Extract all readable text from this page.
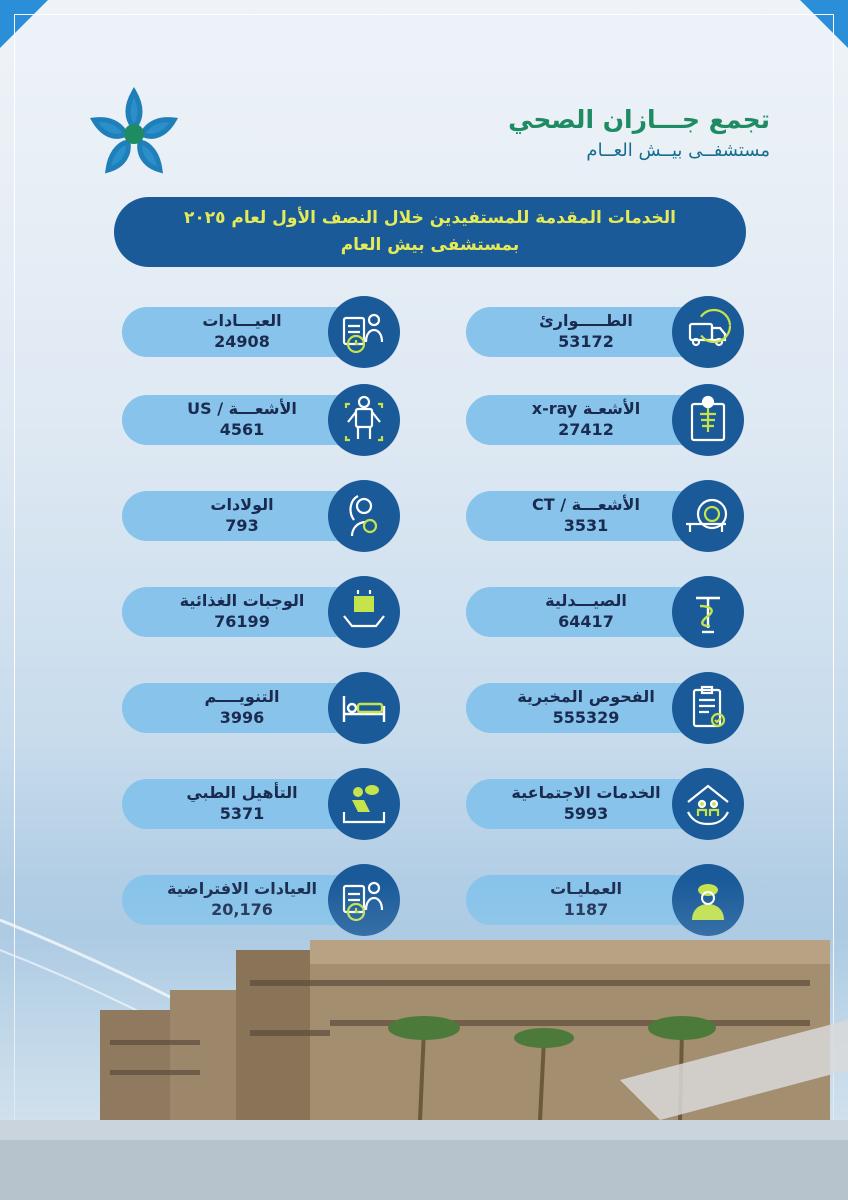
تجمع جـــازان الصحي
مستشفــى بيــش العــام
الخدمات المقدمة للمستفيدين خلال النصف الأول لعام ٢٠٢٥
بمستشفى بيش العام
الطـــــوارئ
53172
الأشعـة x-ray
27412
الأشعـــة / CT
3531
الصيـــدلية
64417
الفحوص المخبرية
555329
الخدمات الاجتماعية
5993
العيـــادات
24908
الأشعـــة / US
4561
الولادات
793
الوجبات الغذائية
76199
التنويــــم
3996
التأهيل الطبي
5371
